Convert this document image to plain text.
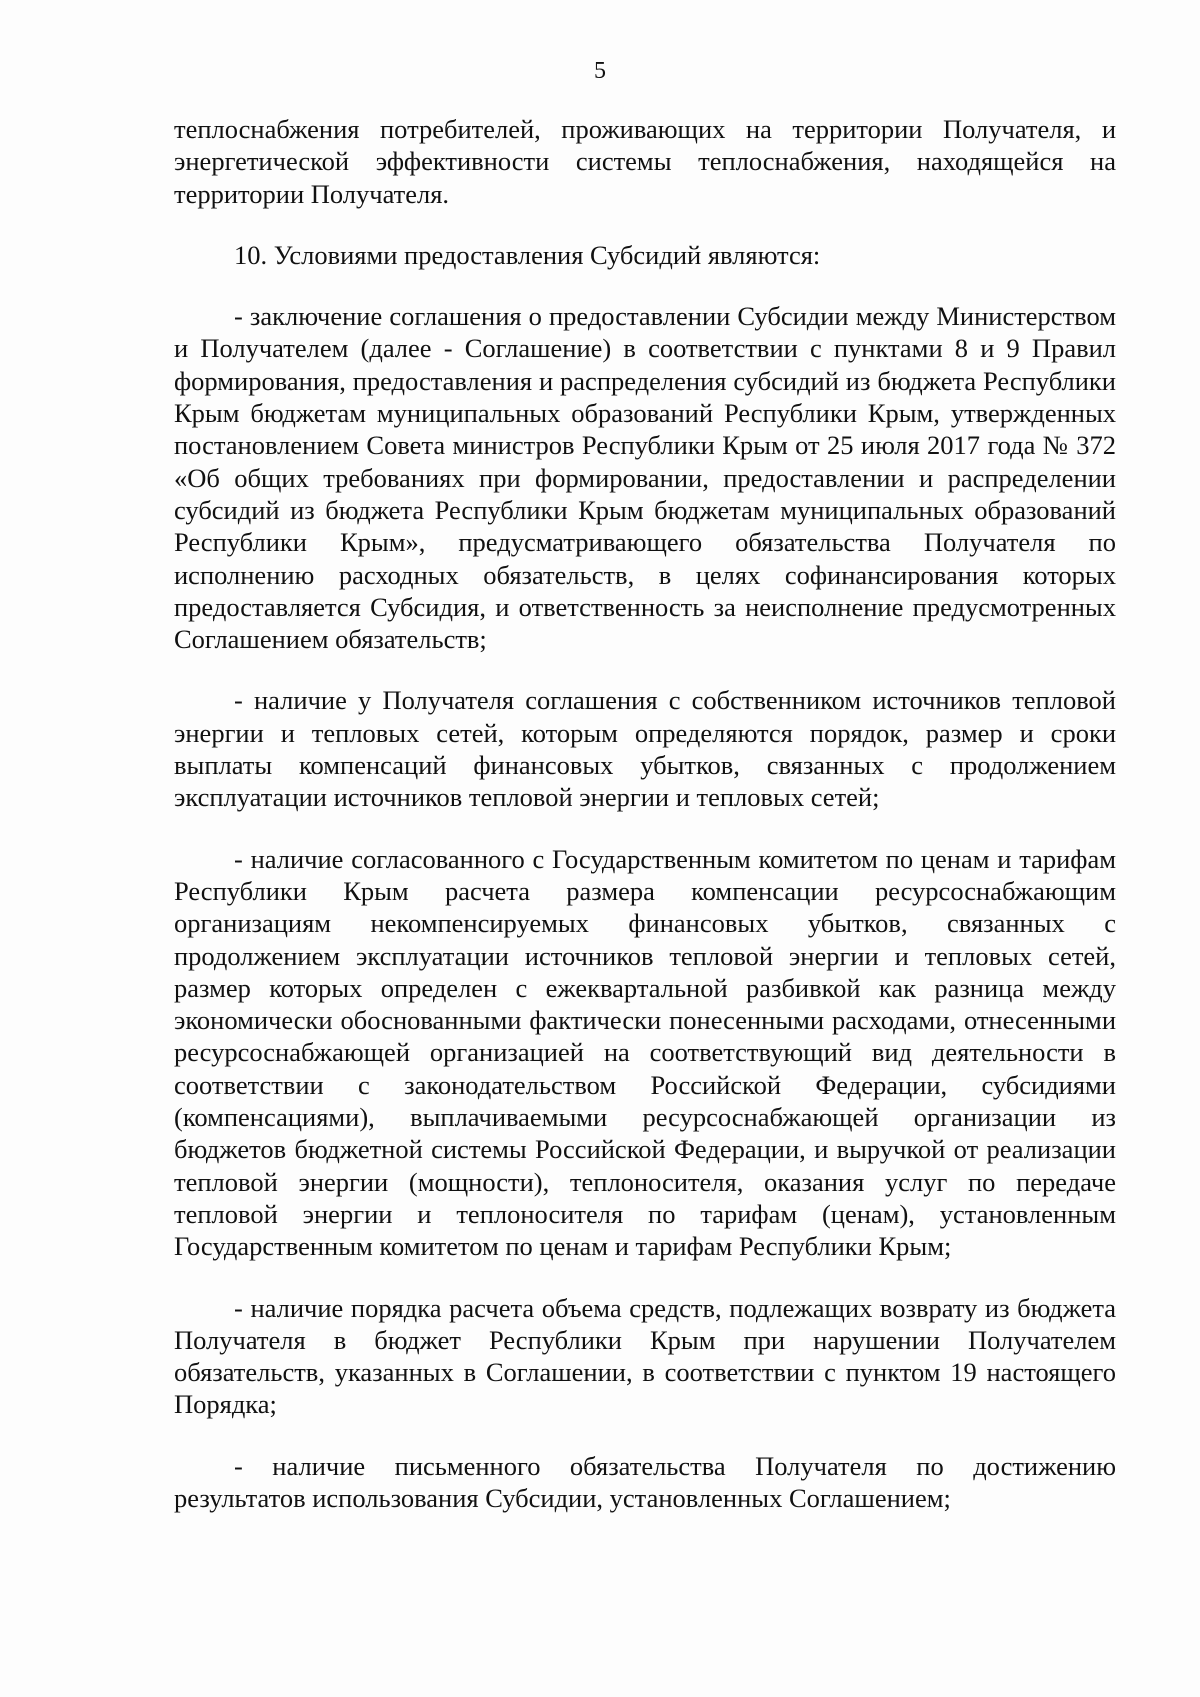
5

теплоснабжения потребителей, проживающих на территории Получателя, и энергетической эффективности системы теплоснабжения, находящейся на территории Получателя.

10. Условиями предоставления Субсидий являются:

- заключение соглашения о предоставлении Субсидии между Министерством и Получателем (далее - Соглашение) в соответствии с пунктами 8 и 9 Правил формирования, предоставления и распределения субсидий из бюджета Республики Крым бюджетам муниципальных образований Республики Крым, утвержденных постановлением Совета министров Республики Крым от 25 июля 2017 года № 372 «Об общих требованиях при формировании, предоставлении и распределении субсидий из бюджета Республики Крым бюджетам муниципальных образований Республики Крым», предусматривающего обязательства Получателя по исполнению расходных обязательств, в целях софинансирования которых предоставляется Субсидия, и ответственность за неисполнение предусмотренных Соглашением обязательств;

- наличие у Получателя соглашения с собственником источников тепловой энергии и тепловых сетей, которым определяются порядок, размер и сроки выплаты компенсаций финансовых убытков, связанных с продолжением эксплуатации источников тепловой энергии и тепловых сетей;

- наличие согласованного с Государственным комитетом по ценам и тарифам Республики Крым расчета размера компенсации ресурсоснабжающим организациям некомпенсируемых финансовых убытков, связанных с продолжением эксплуатации источников тепловой энергии и тепловых сетей, размер которых определен с ежеквартальной разбивкой как разница между экономически обоснованными фактически понесенными расходами, отнесенными ресурсоснабжающей организацией на соответствующий вид деятельности в соответствии с законодательством Российской Федерации, субсидиями (компенсациями), выплачиваемыми ресурсоснабжающей организации из бюджетов бюджетной системы Российской Федерации, и выручкой от реализации тепловой энергии (мощности), теплоносителя, оказания услуг по передаче тепловой энергии и теплоносителя по тарифам (ценам), установленным Государственным комитетом по ценам и тарифам Республики Крым;

- наличие порядка расчета объема средств, подлежащих возврату из бюджета Получателя в бюджет Республики Крым при нарушении Получателем обязательств, указанных в Соглашении, в соответствии с пунктом 19 настоящего Порядка;

- наличие письменного обязательства Получателя по достижению результатов использования Субсидии, установленных Соглашением;
